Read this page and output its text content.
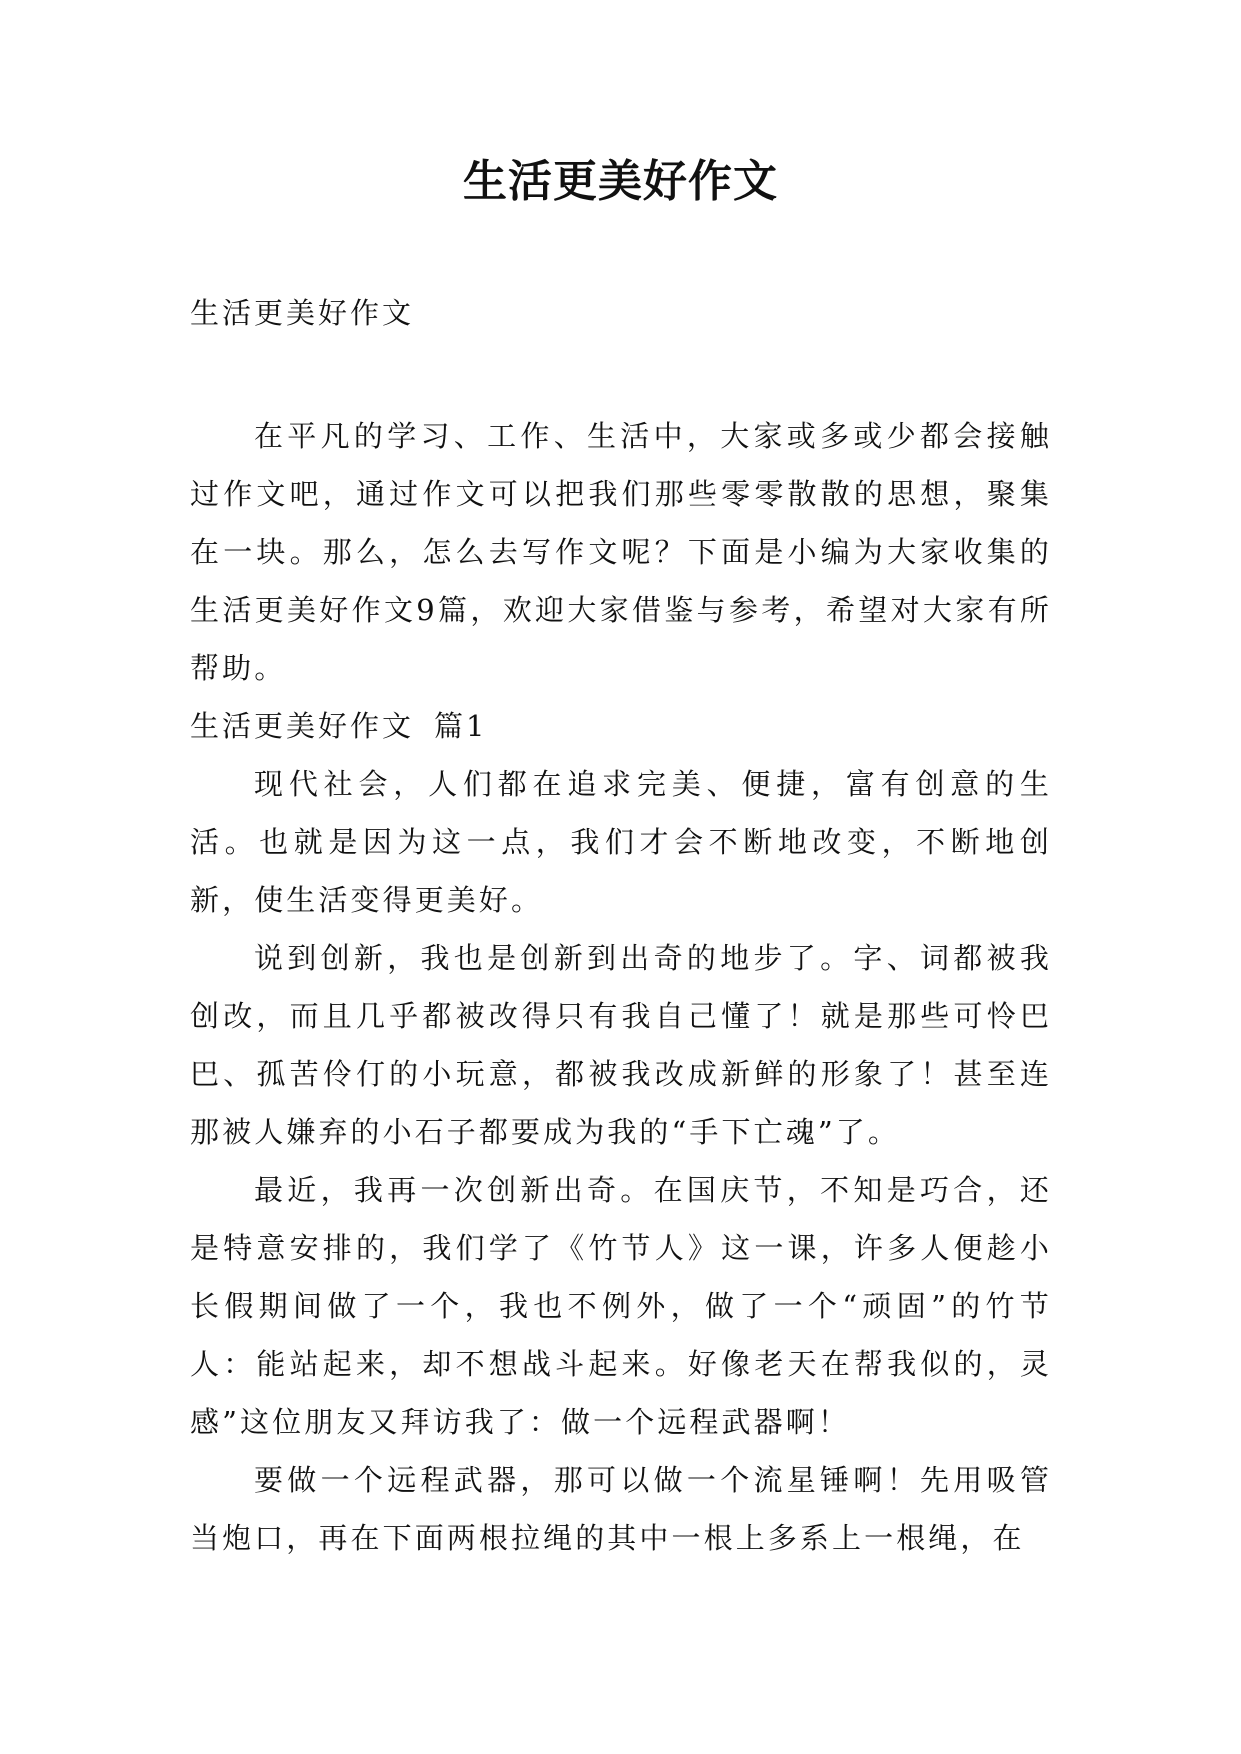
生活更美好作文

生活更美好作文

在平凡的学习、工作、生活中，大家或多或少都会接触过作文吧，通过作文可以把我们那些零零散散的思想，聚集在一块。那么，怎么去写作文呢？下面是小编为大家收集的生活更美好作文9篇，欢迎大家借鉴与参考，希望对大家有所帮助。

生活更美好作文 篇1

现代社会，人们都在追求完美、便捷，富有创意的生活。也就是因为这一点，我们才会不断地改变，不断地创新，使生活变得更美好。

说到创新，我也是创新到出奇的地步了。字、词都被我创改，而且几乎都被改得只有我自己懂了！就是那些可怜巴巴、孤苦伶仃的小玩意，都被我改成新鲜的形象了！甚至连那被人嫌弃的小石子都要成为我的“手下亡魂”了。

最近，我再一次创新出奇。在国庆节，不知是巧合，还是特意安排的，我们学了《竹节人》这一课，许多人便趁小长假期间做了一个，我也不例外，做了一个“顽固”的竹节人：能站起来，却不想战斗起来。好像老天在帮我似的，灵感”这位朋友又拜访我了：做一个远程武器啊！

要做一个远程武器，那可以做一个流星锤啊！先用吸管当炮口，再在下面两根拉绳的其中一根上多系上一根绳，在
